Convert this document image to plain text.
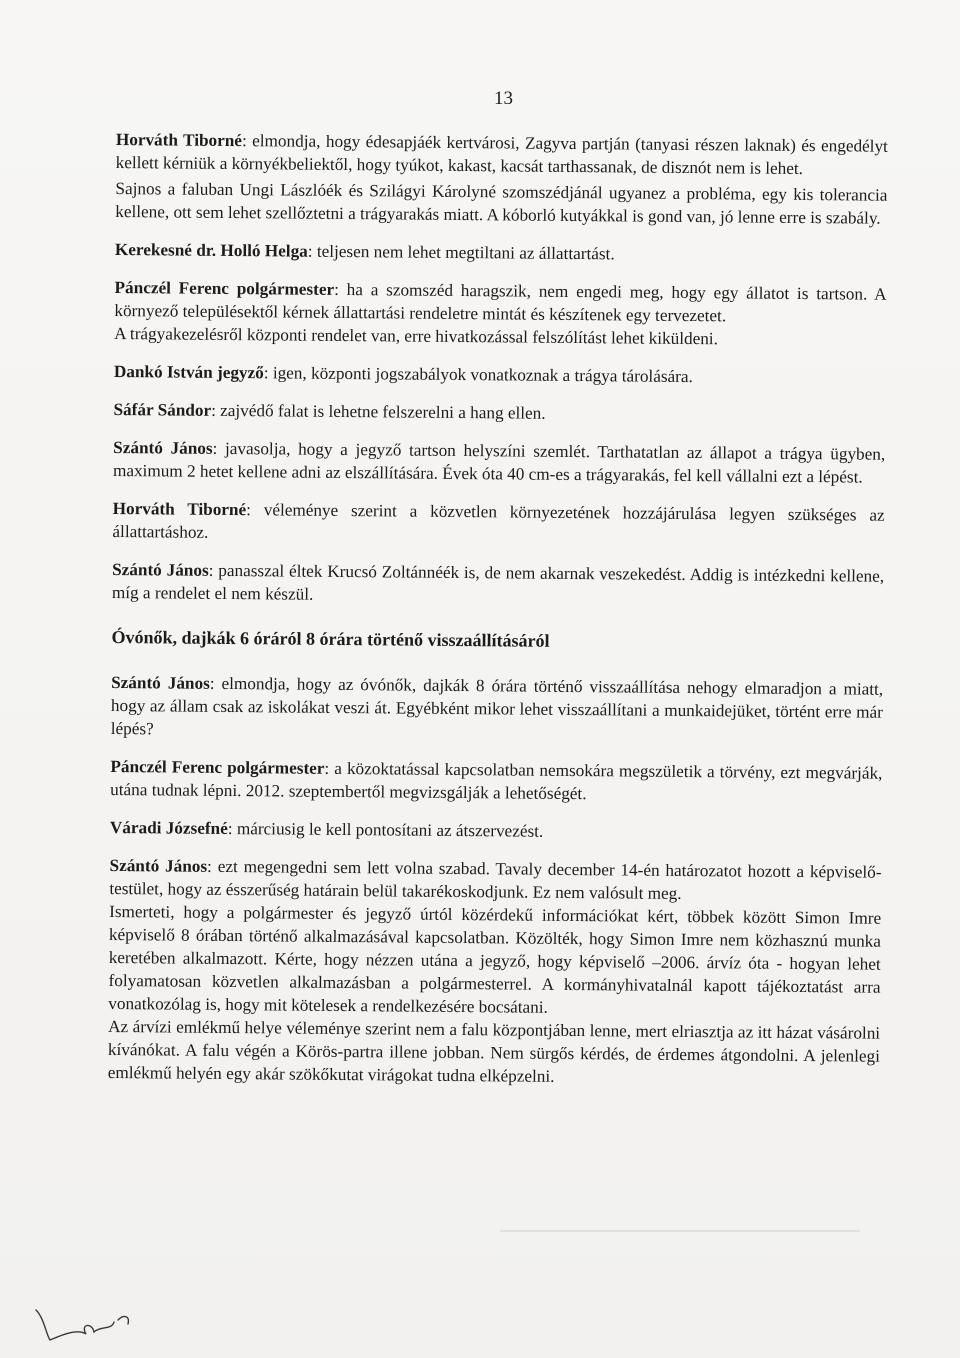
13

Horváth Tiborné: elmondja, hogy édesapjáék kertvárosi, Zagyva partján (tanyasi részen laknak) és engedélyt kellett kérniük a környékbeliektől, hogy tyúkot, kakast, kacsát tarthassanak, de disznót nem is lehet.

Sajnos a faluban Ungi Lászlóék és Szilágyi Károlyné szomszédjánál ugyanez a probléma, egy kis tolerancia kellene, ott sem lehet szellőztetni a trágyarakás miatt. A kóborló kutyákkal is gond van, jó lenne erre is szabály.

Kerekesné dr. Holló Helga: teljesen nem lehet megtiltani az állattartást.

Pánczél Ferenc polgármester: ha a szomszéd haragszik, nem engedi meg, hogy egy állatot is tartson. A környező településektől kérnek állattartási rendeletre mintát és készítenek egy tervezetet.

A trágyakezelésről központi rendelet van, erre hivatkozással felszólítást lehet kiküldeni.

Dankó István jegyző: igen, központi jogszabályok vonatkoznak a trágya tárolására.

Sáfár Sándor: zajvédő falat is lehetne felszerelni a hang ellen.

Szántó János: javasolja, hogy a jegyző tartson helyszíni szemlét. Tarthatatlan az állapot a trágya ügyben, maximum 2 hetet kellene adni az elszállítására. Évek óta 40 cm-es a trágyarakás, fel kell vállalni ezt a lépést.

Horváth Tiborné: véleménye szerint a közvetlen környezetének hozzájárulása legyen szükséges az állattartáshoz.

Szántó János: panasszal éltek Krucsó Zoltánnéék is, de nem akarnak veszekedést. Addig is intézkedni kellene, míg a rendelet el nem készül.

Óvónők, dajkák 6 óráról 8 órára történő visszaállításáról

Szántó János: elmondja, hogy az óvónők, dajkák 8 órára történő visszaállítása nehogy elmaradjon a miatt, hogy az állam csak az iskolákat veszi át. Egyébként mikor lehet visszaállítani a munkaidejüket, történt erre már lépés?

Pánczél Ferenc polgármester: a közoktatással kapcsolatban nemsokára megszületik a törvény, ezt megvárják, utána tudnak lépni. 2012. szeptembertől megvizsgálják a lehetőségét.

Váradi Józsefné: márciusig le kell pontosítani az átszervezést.

Szántó János: ezt megengedni sem lett volna szabad. Tavaly december 14-én határozatot hozott a képviselő-testület, hogy az ésszerűség határain belül takarékoskodjunk. Ez nem valósult meg.

Ismerteti, hogy a polgármester és jegyző úrtól közérdekű információkat kért, többek között Simon Imre képviselő 8 órában történő alkalmazásával kapcsolatban. Közölték, hogy Simon Imre nem közhasznú munka keretében alkalmazott. Kérte, hogy nézzen utána a jegyző, hogy képviselő –2006. árvíz óta - hogyan lehet folyamatosan közvetlen alkalmazásban a polgármesterrel. A kormányhivatalnál kapott tájékoztatást arra vonatkozólag is, hogy mit kötelesek a rendelkezésére bocsátani.

Az árvízi emlékmű helye véleménye szerint nem a falu központjában lenne, mert elriasztja az itt házat vásárolni kívánókat. A falu végén a Körös-partra illene jobban. Nem sürgős kérdés, de érdemes átgondolni. A jelenlegi emlékmű helyén egy akár szökőkutat virágokat tudna elképzelni.
